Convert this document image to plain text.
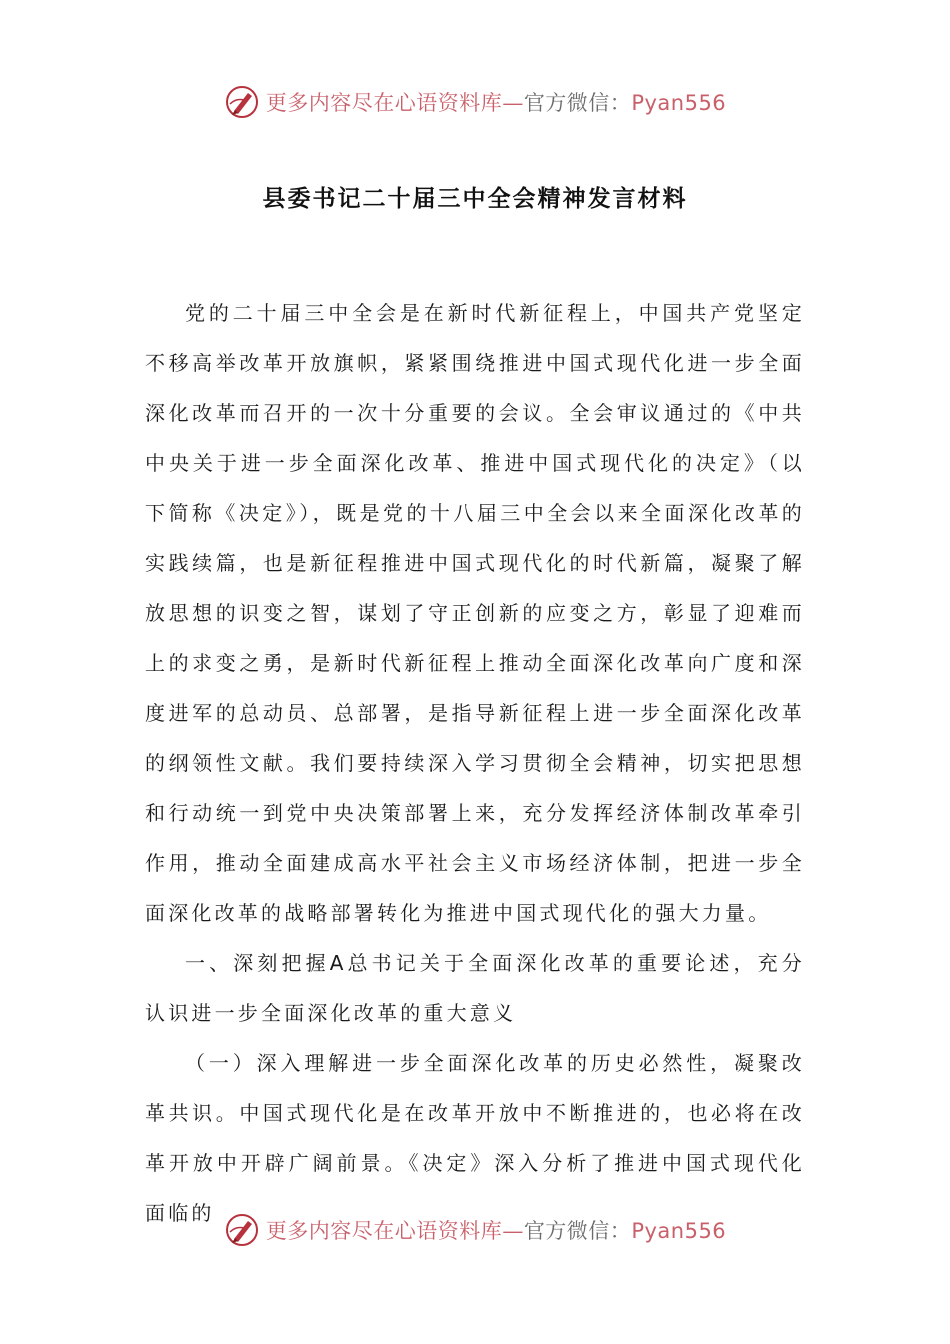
更多内容尽在心语资料库—官方微信：Pyan556
县委书记二十届三中全会精神发言材料

党的二十届三中全会是在新时代新征程上，中国共产党坚定不移高举改革开放旗帜，紧紧围绕推进中国式现代化进一步全面深化改革而召开的一次十分重要的会议。全会审议通过的《中共中央关于进一步全面深化改革、推进中国式现代化的决定》（以下简称《决定》），既是党的十八届三中全会以来全面深化改革的实践续篇，也是新征程推进中国式现代化的时代新篇，凝聚了解放思想的识变之智，谋划了守正创新的应变之方，彰显了迎难而上的求变之勇，是新时代新征程上推动全面深化改革向广度和深度进军的总动员、总部署，是指导新征程上进一步全面深化改革的纲领性文献。我们要持续深入学习贯彻全会精神，切实把思想和行动统一到党中央决策部署上来，充分发挥经济体制改革牵引作用，推动全面建成高水平社会主义市场经济体制，把进一步全面深化改革的战略部署转化为推进中国式现代化的强大力量。

一、深刻把握A总书记关于全面深化改革的重要论述，充分认识进一步全面深化改革的重大意义

（一）深入理解进一步全面深化改革的历史必然性，凝聚改革共识。中国式现代化是在改革开放中不断推进的，也必将在改革开放中开辟广阔前景。《决定》深入分析了推进中国式现代化面临的

更多内容尽在心语资料库—官方微信：Pyan556
